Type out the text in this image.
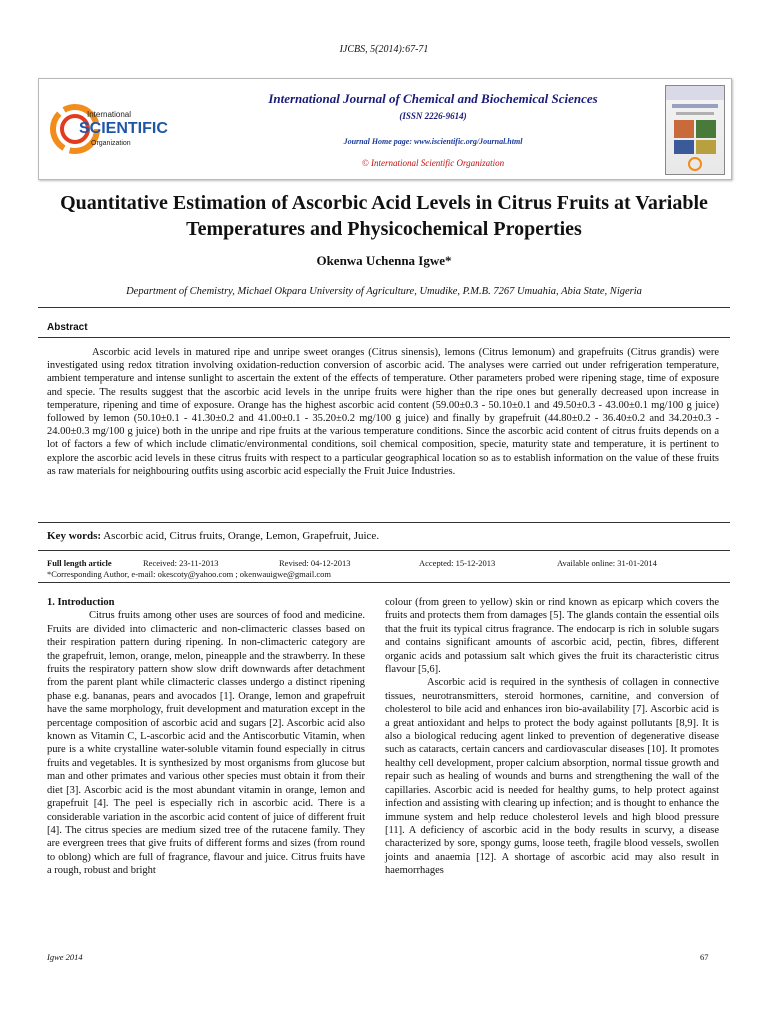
IJCBS, 5(2014):67-71
International
SCIENTIFIC
Organization
International Journal of Chemical and Biochemical Sciences
(ISSN 2226-9614)
Journal Home page: www.iscientific.org/Journal.html
© International Scientific Organization
Quantitative Estimation of Ascorbic Acid Levels in Citrus Fruits at Variable Temperatures and Physicochemical Properties
Okenwa Uchenna Igwe*
Department of Chemistry, Michael Okpara University of Agriculture, Umudike, P.M.B. 7267 Umuahia, Abia State, Nigeria
Abstract
Ascorbic acid levels in matured ripe and unripe sweet oranges (Citrus sinensis), lemons (Citrus lemonum) and grapefruits (Citrus grandis) were investigated using redox titration involving oxidation-reduction conversion of ascorbic acid. The analyses were carried out under refrigeration temperature, ambient temperature and intense sunlight to ascertain the extent of the effects of temperature. Other parameters probed were ripening stage, time of exposure and specie. The results suggest that the ascorbic acid levels in the unripe fruits were higher than the ripe ones but generally decreased upon increase in temperature, ripening and time of exposure. Orange has the highest ascorbic acid content (59.00±0.3 - 50.10±0.1 and 49.50±0.3 - 43.00±0.1 mg/100 g juice) followed by lemon (50.10±0.1 - 41.30±0.2 and 41.00±0.1 - 35.20±0.2 mg/100 g juice) and finally by grapefruit (44.80±0.2 - 36.40±0.2 and 34.20±0.3 - 24.00±0.3 mg/100 g juice) both in the unripe and ripe fruits at the various temperature conditions. Since the ascorbic acid content of citrus fruits depends on a lot of factors a few of which include climatic/environmental conditions, soil chemical composition, specie, maturity state and temperature, it is pertinent to explore the ascorbic acid levels in these citrus fruits with respect to a particular geographical location so as to establish information on the value of these fruits as raw materials for neighbouring outfits using ascorbic acid especially the Fruit Juice Industries.
Key words: Ascorbic acid, Citrus fruits, Orange, Lemon, Grapefruit, Juice.
Full length article	Received: 23-11-2013	Revised: 04-12-2013	Accepted: 15-12-2013	Available online: 31-01-2014
*Corresponding Author, e-mail: okescoty@yahoo.com ; okenwauigwe@gmail.com
1. Introduction

Citrus fruits among other uses are sources of food and medicine. Fruits are divided into climacteric and non-climacteric classes based on their respiration pattern during ripening. In non-climacteric category are the grapefruit, lemon, orange, melon, pineapple and the strawberry. In these fruits the respiratory pattern show slow drift downwards after detachment from the parent plant while climacteric classes undergo a distinct ripening phase e.g. bananas, pears and avocados [1]. Orange, lemon and grapefruit have the same morphology, fruit development and maturation except in the percentage composition of ascorbic acid and sugars [2]. Ascorbic acid also known as Vitamin C, L-ascorbic acid and the Antiscorbutic Vitamin, when pure is a white crystalline water-soluble vitamin found especially in citrus fruits and vegetables. It is synthesized by most organisms from glucose but man and other primates and various other species must obtain it from their diet [3]. Ascorbic acid is the most abundant vitamin in orange, lemon and grapefruit [4]. The peel is especially rich in ascorbic acid. There is a considerable variation in the ascorbic acid content of juice of different fruit [4]. The citrus species are medium sized tree of the rutacene family. They are evergreen trees that give fruits of different forms and sizes (from round to oblong) which are full of fragrance, flavour and juice. Citrus fruits have a rough, robust and bright

colour (from green to yellow) skin or rind known as epicarp which covers the fruits and protects them from damages [5]. The glands contain the essential oils that the fruit its typical citrus fragrance. The endocarp is rich in soluble sugars and contains significant amounts of ascorbic acid, pectin, fibres, different organic acids and potassium salt which gives the fruit its characteristic citrus flavour [5,6].

Ascorbic acid is required in the synthesis of collagen in connective tissues, neurotransmitters, steroid hormones, carnitine, and conversion of cholesterol to bile acid and enhances iron bio-availability [7]. Ascorbic acid is a great antioxidant and helps to protect the body against pollutants [8,9]. It is also a biological reducing agent linked to prevention of degenerative disease such as cataracts, certain cancers and cardiovascular diseases [10]. It promotes healthy cell development, proper calcium absorption, normal tissue growth and repair such as healing of wounds and burns and strengthening the wall of the capillaries. Ascorbic acid is needed for healthy gums, to help protect against infection and assisting with clearing up infection; and is thought to enhance the immune system and help reduce cholesterol levels and high blood pressure [11]. A deficiency of ascorbic acid in the body results in scurvy, a disease characterized by sore, spongy gums, loose teeth, fragile blood vessels, swollen joints and anaemia [12]. A shortage of ascorbic acid may also result in haemorrhages

Igwe 2014	67
